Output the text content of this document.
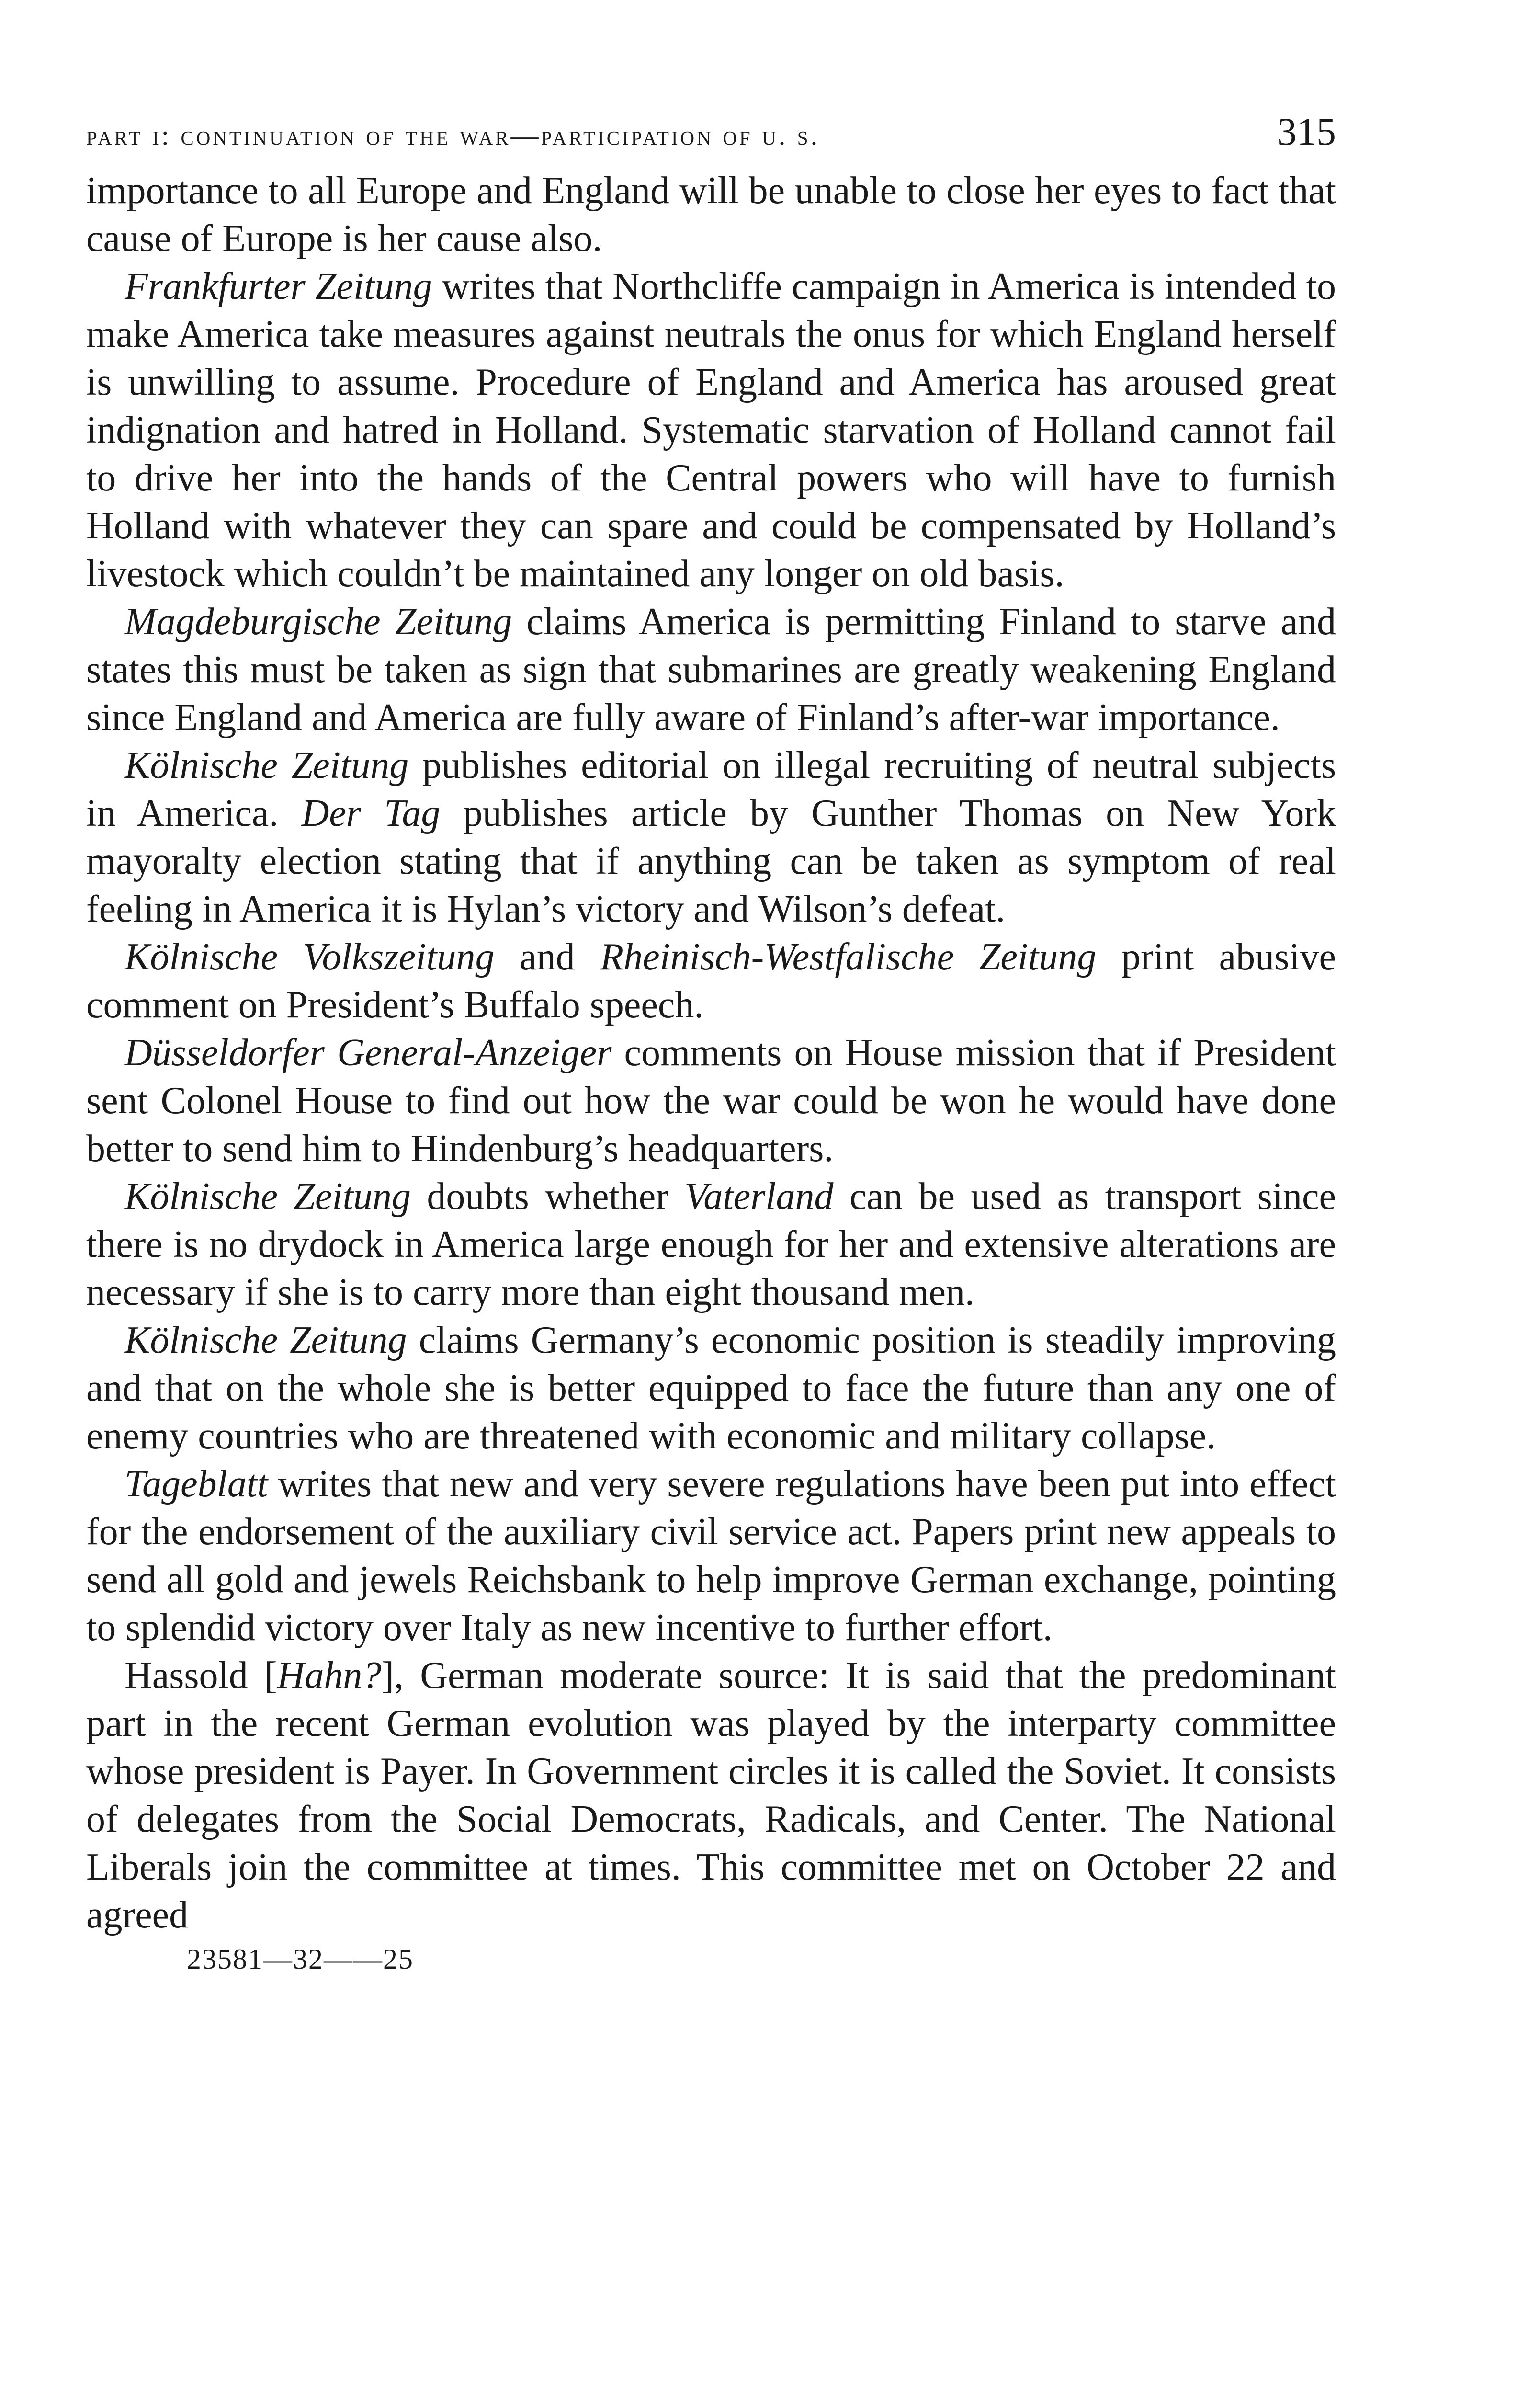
part i: continuation of the war—participation of u. s.	315

importance to all Europe and England will be unable to close her eyes to fact that cause of Europe is her cause also.

Frankfurter Zeitung writes that Northcliffe campaign in America is intended to make America take measures against neutrals the onus for which England herself is unwilling to assume. Procedure of England and America has aroused great indignation and hatred in Holland. Systematic starvation of Holland cannot fail to drive her into the hands of the Central powers who will have to furnish Holland with whatever they can spare and could be compensated by Holland’s livestock which couldn’t be maintained any longer on old basis.

Magdeburgische Zeitung claims America is permitting Finland to starve and states this must be taken as sign that submarines are greatly weakening England since England and America are fully aware of Finland’s after-war importance.

Kölnische Zeitung publishes editorial on illegal recruiting of neutral subjects in America. Der Tag publishes article by Gunther Thomas on New York mayoralty election stating that if anything can be taken as symptom of real feeling in America it is Hylan’s victory and Wilson’s defeat.

Kölnische Volkszeitung and Rheinisch-Westfalische Zeitung print abusive comment on President’s Buffalo speech.

Düsseldorfer General-Anzeiger comments on House mission that if President sent Colonel House to find out how the war could be won he would have done better to send him to Hindenburg’s headquarters.

Kölnische Zeitung doubts whether Vaterland can be used as transport since there is no drydock in America large enough for her and extensive alterations are necessary if she is to carry more than eight thousand men.

Kölnische Zeitung claims Germany’s economic position is steadily improving and that on the whole she is better equipped to face the future than any one of enemy countries who are threatened with economic and military collapse.

Tageblatt writes that new and very severe regulations have been put into effect for the endorsement of the auxiliary civil service act. Papers print new appeals to send all gold and jewels Reichsbank to help improve German exchange, pointing to splendid victory over Italy as new incentive to further effort.

Hassold [Hahn?], German moderate source: It is said that the predominant part in the recent German evolution was played by the interparty committee whose president is Payer. In Government circles it is called the Soviet. It consists of delegates from the Social Democrats, Radicals, and Center. The National Liberals join the committee at times. This committee met on October 22 and agreed

23581—32——25
